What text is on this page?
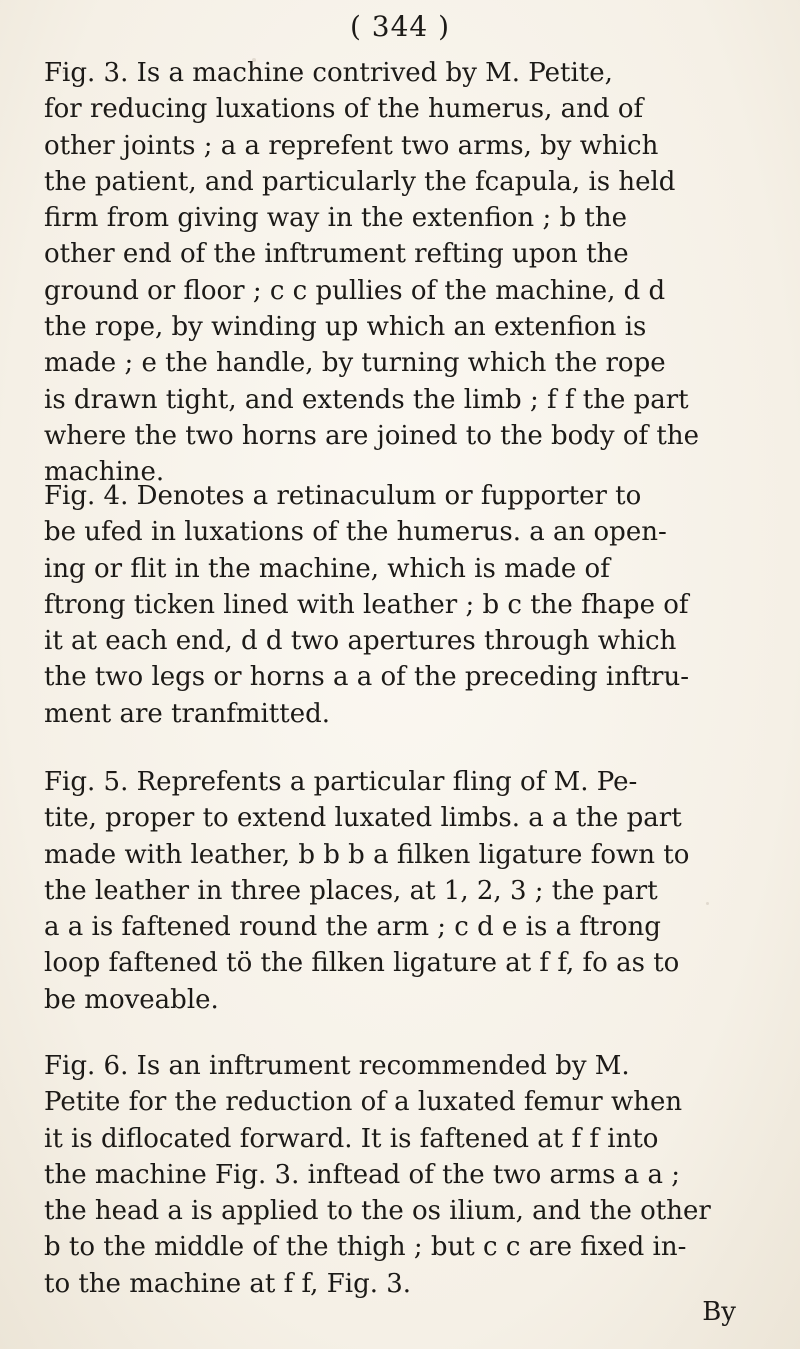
( 344 )

Fig. 3. Is a machine contrived by M. Petite,
for reducing luxations of the humerus, and of
other joints ; a a reprefent two arms, by which
the patient, and particularly the fcapula, is held
firm from giving way in the extenfion ; b the
other end of the inftrument refting upon the
ground or floor ; c c pullies of the machine, d d
the rope, by winding up which an extenfion is
made ; e the handle, by turning which the rope
is drawn tight, and extends the limb ; f f the part
where the two horns are joined to the body of the
machine.

Fig. 4. Denotes a retinaculum or fupporter to
be ufed in luxations of the humerus. a an open-
ing or flit in the machine, which is made of
ftrong ticken lined with leather ; b c the fhape of
it at each end, d d two apertures through which
the two legs or horns a a of the preceding inftru-
ment are tranfmitted.

Fig. 5. Reprefents a particular fling of M. Pe-
tite, proper to extend luxated limbs. a a the part
made with leather, b b b a filken ligature fown to
the leather in three places, at 1, 2, 3 ; the part
a a is faftened round the arm ; c d e is a ftrong
loop faftened tö the filken ligature at f f, fo as to
be moveable.

Fig. 6. Is an inftrument recommended by M.
Petite for the reduction of a luxated femur when
it is diflocated forward. It is faftened at f f into
the machine Fig. 3. inftead of the two arms a a ;
the head a is applied to the os ilium, and the other
b to the middle of the thigh ; but c c are fixed in-
to the machine at f f, Fig. 3.

By
